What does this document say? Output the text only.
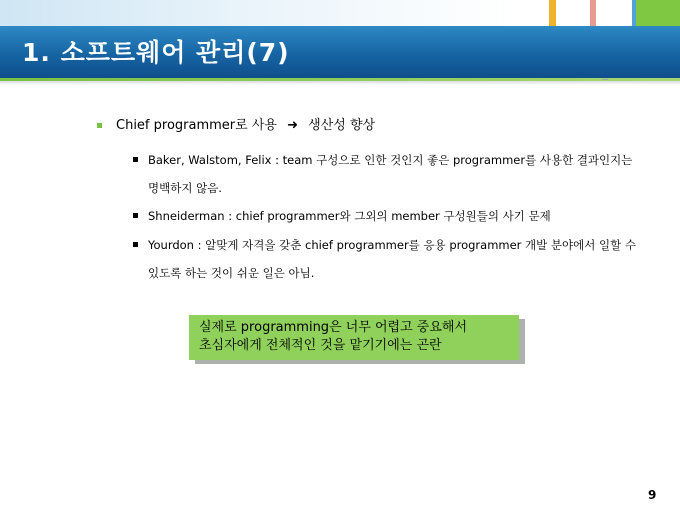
1. 소프트웨어 관리(7)
Chief programmer로 사용 ➜ 생산성 향상
Baker, Walstom, Felix : team 구성으로 인한 것인지 좋은 programmer를 사용한 결과인지는 명백하지 않음.
Shneiderman : chief programmer와 그외의 member 구성원들의 사기 문제
Yourdon : 알맞게 자격을 갖춘 chief programmer를 응용 programmer 개발 분야에서 일할 수 있도록 하는 것이 쉬운 일은 아님.
실제로 programming은 너무 어렵고 중요해서
초심자에게 전체적인 것을 맡기기에는 곤란
9
